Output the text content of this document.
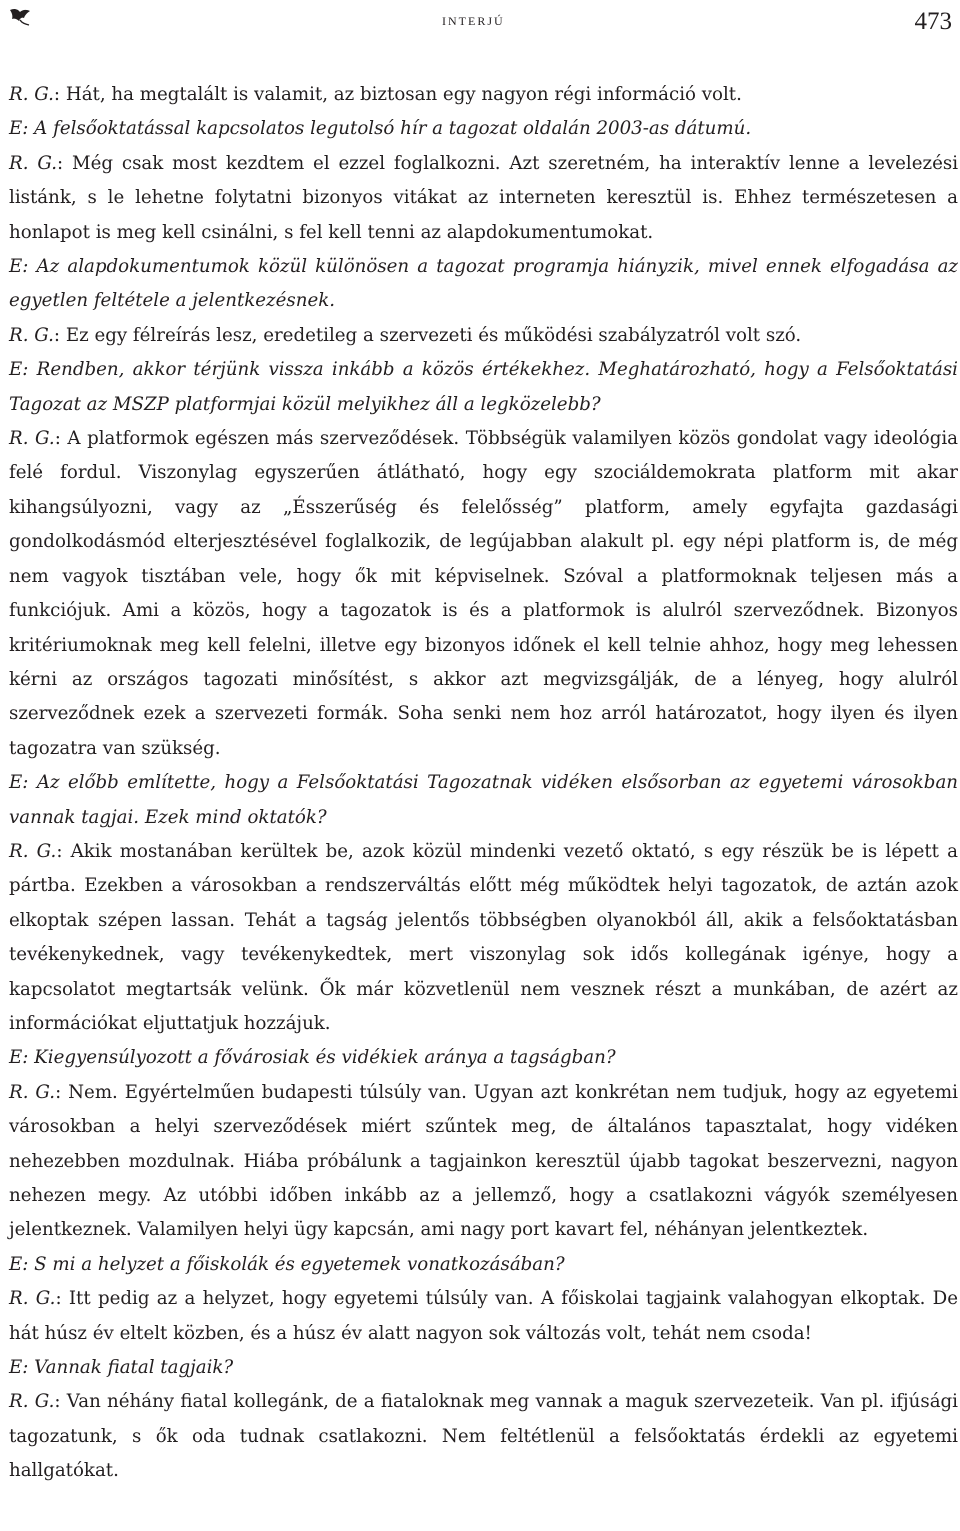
interjú	473

R. G.: Hát, ha megtalált is valamit, az biztosan egy nagyon régi információ volt.

E: A felsőoktatással kapcsolatos legutolsó hír a tagozat oldalán 2003-as dátumú.

R. G.: Még csak most kezdtem el ezzel foglalkozni. Azt szeretném, ha interaktív lenne a levelezési listánk, s le lehetne folytatni bizonyos vitákat az interneten keresztül is. Ehhez természetesen a honlapot is meg kell csinálni, s fel kell tenni az alapdokumentumokat.

E: Az alapdokumentumok közül különösen a tagozat programja hiányzik, mivel ennek elfogadása az egyetlen feltétele a jelentkezésnek.

R. G.: Ez egy félreírás lesz, eredetileg a szervezeti és működési szabályzatról volt szó.

E: Rendben, akkor térjünk vissza inkább a közös értékekhez. Meghatározható, hogy a Felsőoktatási Tagozat az MSZP platformjai közül melyikhez áll a legközelebb?

R. G.: A platformok egészen más szerveződések. Többségük valamilyen közös gondolat vagy ideológia felé fordul. Viszonylag egyszerűen átlátható, hogy egy szociáldemokrata platform mit akar kihangsúlyozni, vagy az „Ésszerűség és felelősség” platform, amely egyfajta gazdasági gondolkodásmód elterjesztésével foglalkozik, de legújabban alakult pl. egy népi platform is, de még nem vagyok tisztában vele, hogy ők mit képviselnek. Szóval a platformoknak teljesen más a funkciójuk. Ami a közös, hogy a tagozatok is és a platformok is alulról szerveződnek. Bizonyos kritériumoknak meg kell felelni, illetve egy bizonyos időnek el kell telnie ahhoz, hogy meg lehessen kérni az országos tagozati minősítést, s akkor azt megvizsgálják, de a lényeg, hogy alulról szerveződnek ezek a szervezeti formák. Soha senki nem hoz arról határozatot, hogy ilyen és ilyen tagozatra van szükség.

E: Az előbb említette, hogy a Felsőoktatási Tagozatnak vidéken elsősorban az egyetemi városokban vannak tagjai. Ezek mind oktatók?

R. G.: Akik mostanában kerültek be, azok közül mindenki vezető oktató, s egy részük be is lépett a pártba. Ezekben a városokban a rendszerváltás előtt még működtek helyi tagozatok, de aztán azok elkoptak szépen lassan. Tehát a tagság jelentős többségben olyanokból áll, akik a felsőoktatásban tevékenykednek, vagy tevékenykedtek, mert viszonylag sok idős kollegának igénye, hogy a kapcsolatot megtartsák velünk. Ők már közvetlenül nem vesznek részt a munkában, de azért az információkat eljuttatjuk hozzájuk.

E: Kiegyensúlyozott a fővárosiak és vidékiek aránya a tagságban?

R. G.: Nem. Egyértelműen budapesti túlsúly van. Ugyan azt konkrétan nem tudjuk, hogy az egyetemi városokban a helyi szerveződések miért szűntek meg, de általános tapasztalat, hogy vidéken nehezebben mozdulnak. Hiába próbálunk a tagjainkon keresztül újabb tagokat beszervezni, nagyon nehezen megy. Az utóbbi időben inkább az a jellemző, hogy a csatlakozni vágyók személyesen jelentkeznek. Valamilyen helyi ügy kapcsán, ami nagy port kavart fel, néhányan jelentkeztek.

E: S mi a helyzet a főiskolák és egyetemek vonatkozásában?

R. G.: Itt pedig az a helyzet, hogy egyetemi túlsúly van. A főiskolai tagjaink valahogyan elkoptak. De hát húsz év eltelt közben, és a húsz év alatt nagyon sok változás volt, tehát nem csoda!

E: Vannak fiatal tagjaik?

R. G.: Van néhány fiatal kollegánk, de a fiataloknak meg vannak a maguk szervezeteik. Van pl. ifjúsági tagozatunk, s ők oda tudnak csatlakozni. Nem feltétlenül a felsőoktatás érdekli az egyetemi hallgatókat.
